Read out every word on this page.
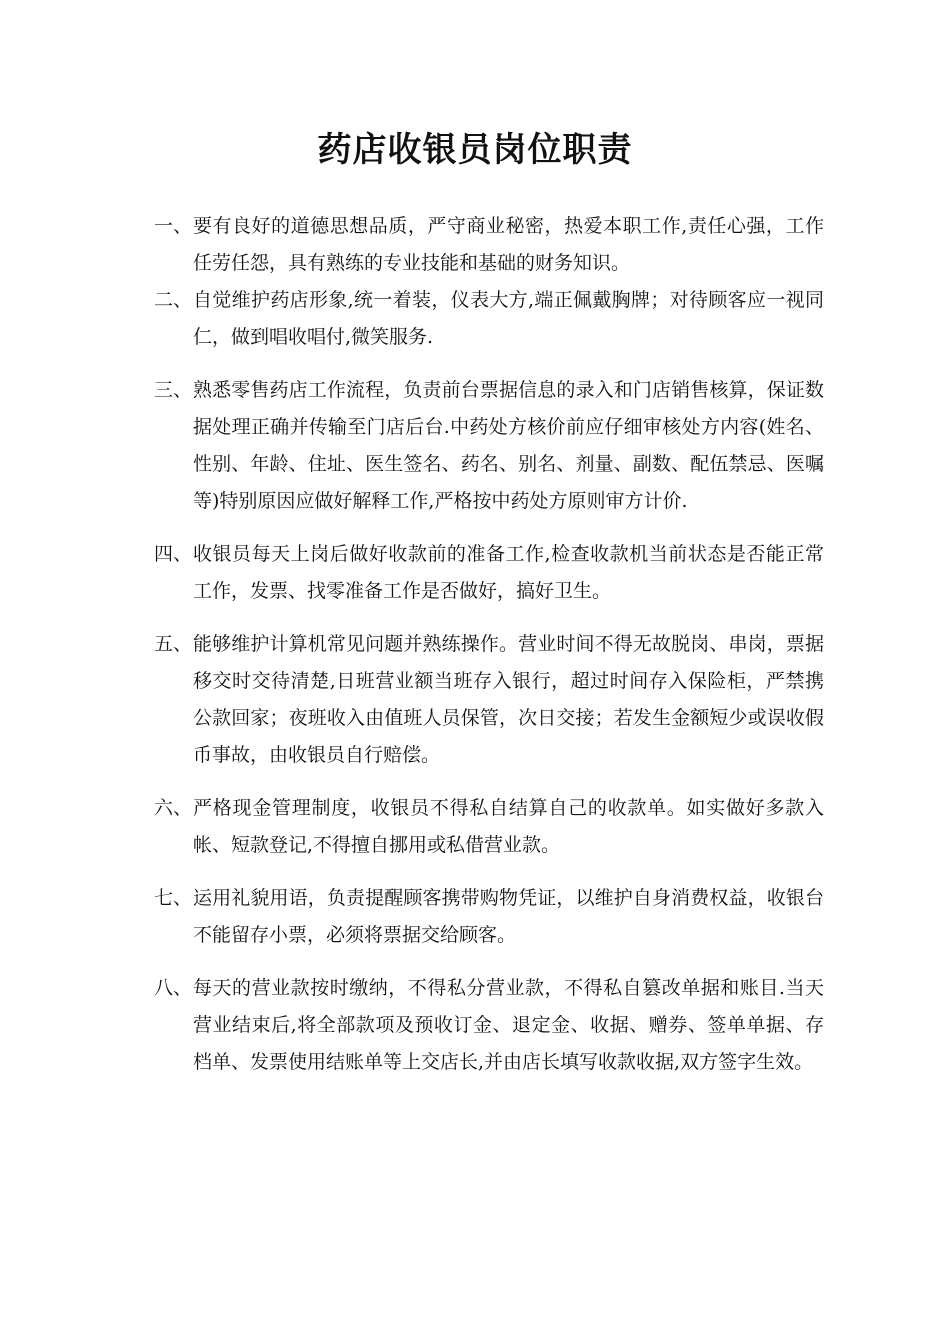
药店收银员岗位职责
一、 要有良好的道德思想品质，严守商业秘密，热爱本职工作,责任心强，工作任劳任怨，具有熟练的专业技能和基础的财务知识。
二、 自觉维护药店形象,统一着装，仪表大方,端正佩戴胸牌；对待顾客应一视同仁，做到唱收唱付,微笑服务.
三、 熟悉零售药店工作流程，负责前台票据信息的录入和门店销售核算，保证数据处理正确并传输至门店后台.中药处方核价前应仔细审核处方内容(姓名、性别、年龄、住址、医生签名、药名、别名、剂量、副数、配伍禁忌、医嘱等)特别原因应做好解释工作,严格按中药处方原则审方计价.
四、 收银员每天上岗后做好收款前的准备工作,检查收款机当前状态是否能正常工作，发票、找零准备工作是否做好，搞好卫生。
五、 能够维护计算机常见问题并熟练操作。营业时间不得无故脱岗、串岗，票据移交时交待清楚,日班营业额当班存入银行，超过时间存入保险柜，严禁携公款回家；夜班收入由值班人员保管，次日交接；若发生金额短少或误收假币事故，由收银员自行赔偿。
六、 严格现金管理制度，收银员不得私自结算自己的收款单。如实做好多款入帐、短款登记,不得擅自挪用或私借营业款。
七、 运用礼貌用语，负责提醒顾客携带购物凭证，以维护自身消费权益，收银台不能留存小票，必须将票据交给顾客。
八、 每天的营业款按时缴纳，不得私分营业款，不得私自篡改单据和账目.当天营业结束后,将全部款项及预收订金、退定金、收据、赠券、签单单据、存档单、发票使用结账单等上交店长,并由店长填写收款收据,双方签字生效。
